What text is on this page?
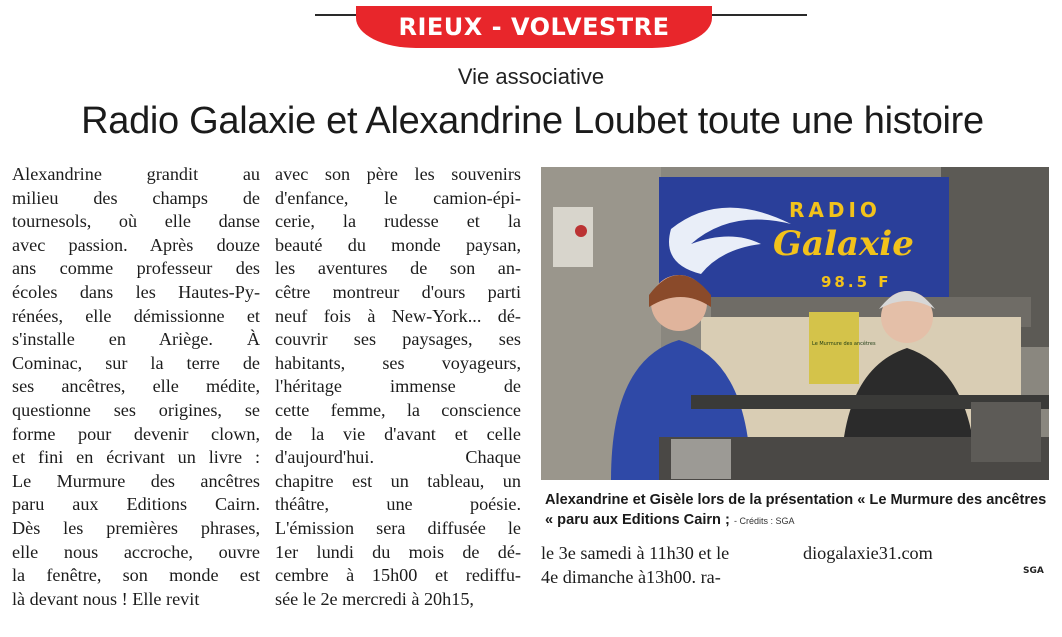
RIEUX - VOLVESTRE
Vie associative
Radio Galaxie et Alexandrine Loubet toute une histoire
Alexandrine grandit au
milieu des champs de
tournesols, où elle danse
avec passion. Après douze
ans comme professeur des
écoles dans les Hautes-Py-
rénées, elle démissionne et
s'installe en Ariège. À
Cominac, sur la terre de
ses ancêtres, elle médite,
questionne ses origines, se
forme pour devenir clown,
et fini en écrivant un livre :
Le Murmure des ancêtres
paru aux Editions Cairn.
Dès les premières phrases,
elle nous accroche, ouvre
la fenêtre, son monde est
là devant nous ! Elle revit
avec son père les souvenirs
d'enfance, le camion-épi-
cerie, la rudesse et la
beauté du monde paysan,
les aventures de son an-
cêtre montreur d'ours parti
neuf fois à New-York... dé-
couvrir ses paysages, ses
habitants, ses voyageurs,
l'héritage immense de
cette femme, la conscience
de la vie d'avant et celle
d'aujourd'hui. Chaque
chapitre est un tableau, un
théâtre, une poésie.
L'émission sera diffusée le
1er lundi du mois de dé-
cembre à 15h00 et rediffu-
sée le 2e mercredi à 20h15,
RADIO
Galaxie
98.5 F
Le Murmure des ancêtres
Alexandrine et Gisèle lors de la présentation « Le Murmure des ancêtres « paru aux Editions Cairn ; - Crédits : SGA
le 3e samedi à 11h30 et le
4e dimanche à13h00. ra-
diogalaxie31.com
SGA
